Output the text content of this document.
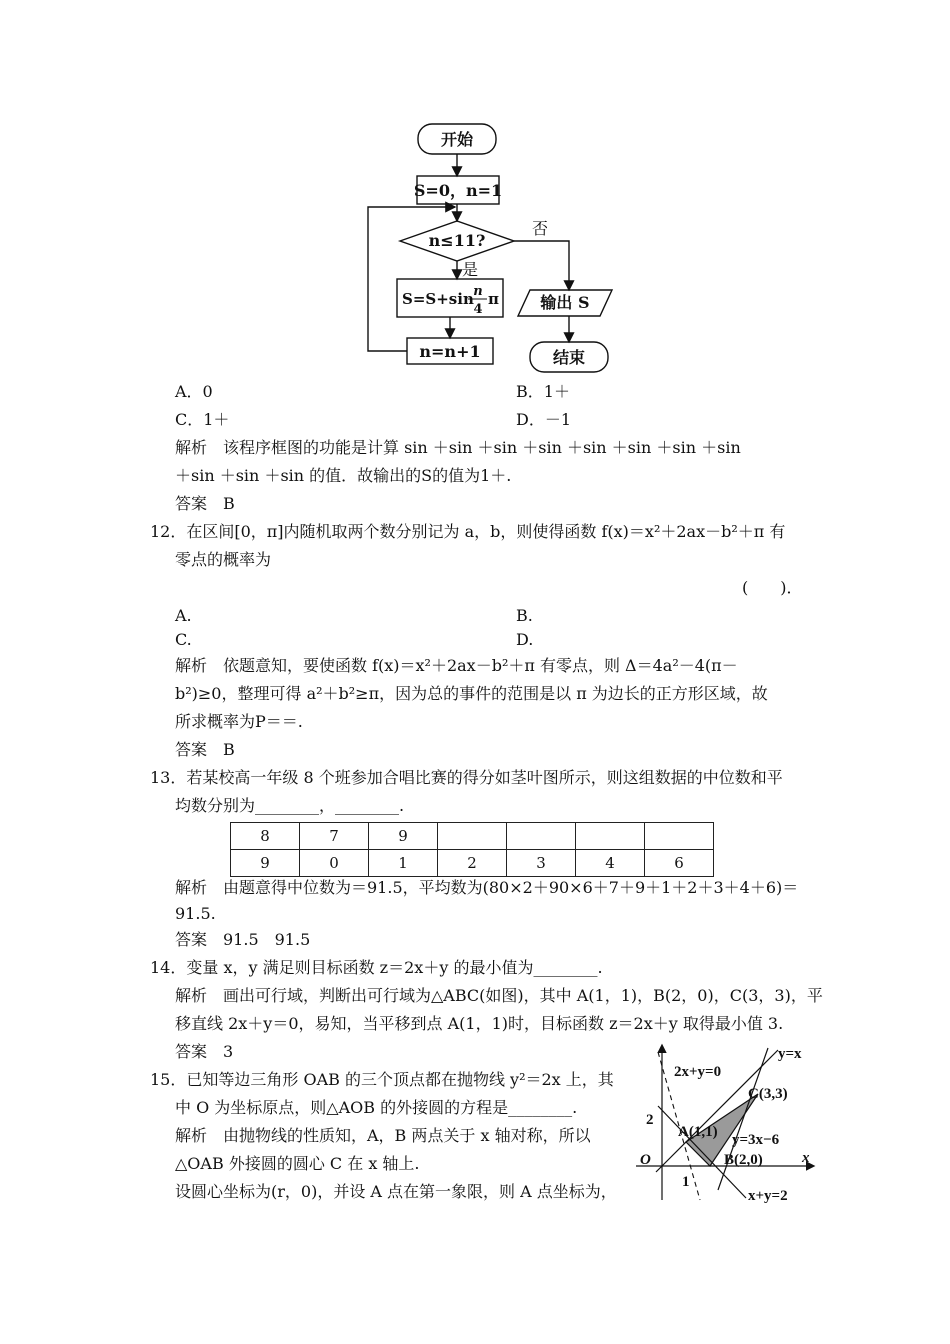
开始
S=0，n=1
n≤11?
否
是
S=S+sin n
4
π	输出 S
n=n+1	结束
A．0	B．1＋
C．1＋	D．－1
解析　该程序框图的功能是计算 sin ＋sin ＋sin ＋sin ＋sin ＋sin ＋sin ＋sin
＋sin ＋sin ＋sin 的值．故输出的S的值为1＋.
答案　B
12．在区间[0，π]内随机取两个数分别记为 a，b，则使得函数 f(x)＝x²＋2ax－b²＋π 有
零点的概率为
(　　)．
A.	B.
C.	D.
解析　依题意知，要使函数 f(x)＝x²＋2ax－b²＋π 有零点，则 Δ＝4a²－4(π－
b²)≥0，整理可得 a²＋b²≥π，因为总的事件的范围是以 π 为边长的正方形区域，故
所求概率为P＝＝.
答案　B
13．若某校高一年级 8 个班参加合唱比赛的得分如茎叶图所示，则这组数据的中位数和平
均数分别为________，________.
8	7	9				
9	0	1	2	3	4	6
解析　由题意得中位数为＝91.5，平均数为(80×2＋90×6＋7＋9＋1＋2＋3＋4＋6)＝
91.5.
答案　91.5　91.5
14．变量 x，y 满足则目标函数 z＝2x＋y 的最小值为________.
解析　画出可行域，判断出可行域为△ABC(如图)，其中 A(1，1)，B(2，0)，C(3，3)，平
移直线 2x＋y＝0，易知，当平移到点 A(1，1)时，目标函数 z＝2x＋y 取得最小值 3.
答案　3
15．已知等边三角形 OAB 的三个顶点都在抛物线 y²＝2x 上，其
中 O 为坐标原点，则△AOB 的外接圆的方程是________.
解析　由抛物线的性质知，A，B 两点关于 x 轴对称，所以
△OAB 外接圆的圆心 C 在 x 轴上.
设圆心坐标为(r，0)，并设 A 点在第一象限，则 A 点坐标为，
y=x
2x+y=0
C(3,3)
2
A(1,1) y=3x−6
O	B(2,0)	x
1
x+y=2
